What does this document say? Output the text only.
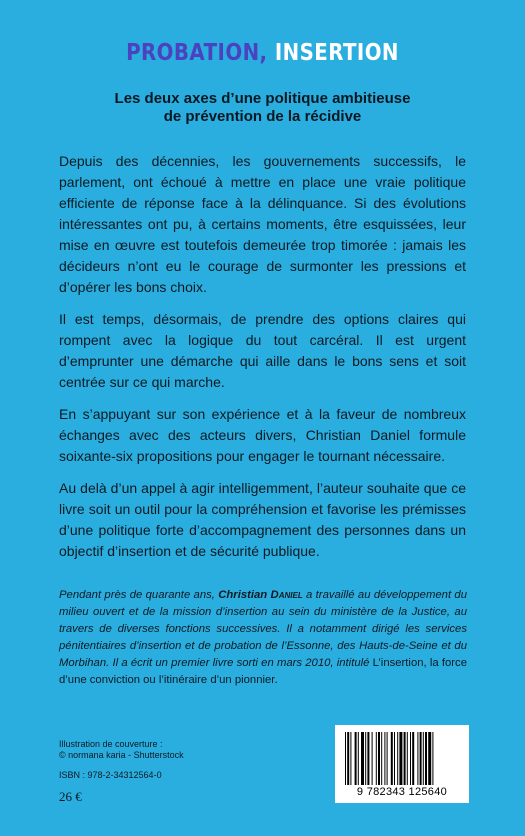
PROBATION, INSERTION
Les deux axes d’une politique ambitieuse
de prévention de la récidive

Depuis des décennies, les gouvernements successifs, le parlement, ont échoué à mettre en place une vraie politique efficiente de réponse face à la délinquance. Si des évolutions intéressantes ont pu, à certains moments, être esquissées, leur mise en œuvre est toutefois demeurée trop timorée : jamais les décideurs n’ont eu le courage de surmonter les pressions et d’opérer les bons choix.

Il est temps, désormais, de prendre des options claires qui rompent avec la logique du tout carcéral. Il est urgent d’emprunter une démarche qui aille dans le bons sens et soit centrée sur ce qui marche.

En s’appuyant sur son expérience et à la faveur de nombreux échanges avec des acteurs divers, Christian Daniel formule soixante-six propositions pour engager le tournant nécessaire.

Au delà d’un appel à agir intelligemment, l’auteur souhaite que ce livre soit un outil pour la compréhension et favorise les prémisses d’une politique forte d’accompagnement des personnes dans un objectif d’insertion et de sécurité publique.

Pendant près de quarante ans, Christian Daniel a travaillé au développement du milieu ouvert et de la mission d’insertion au sein du ministère de la Justice, au travers de diverses fonctions successives. Il a notamment dirigé les services pénitentiaires d’insertion et de probation de l’Essonne, des Hauts-de-Seine et du Morbihan. Il a écrit un premier livre sorti en mars 2010, intitulé L’insertion, la force d’une conviction ou l’itinéraire d’un pionnier.
Illustration de couverture :
© normana karia - Shutterstock
ISBN : 978-2-34312564-0
26 €	9 782343 125640
